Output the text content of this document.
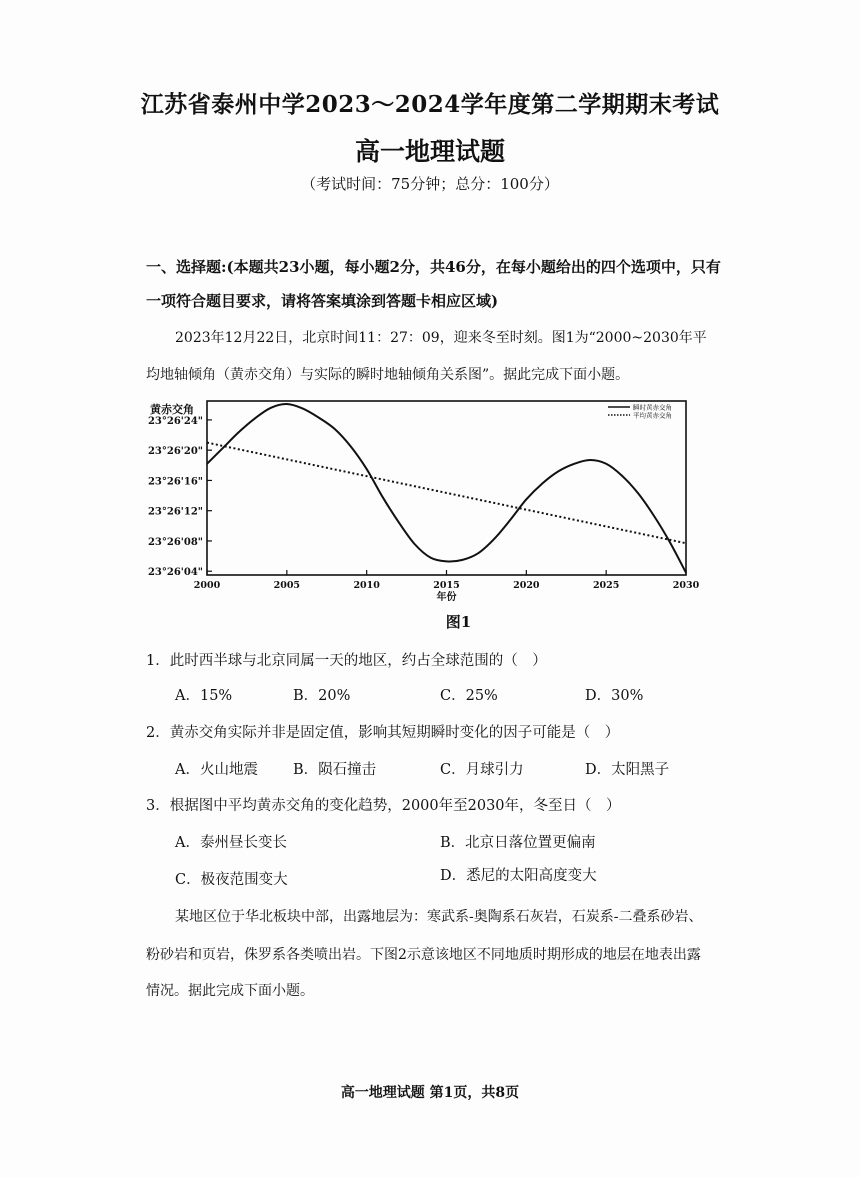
江苏省泰州中学2023～2024学年度第二学期期末考试
高一地理试题
（考试时间：75分钟；总分：100分）
一、选择题:(本题共23小题，每小题2分，共46分，在每小题给出的四个选项中，只有
一项符合题目要求，请将答案填涂到答题卡相应区域)
2023年12月22日，北京时间11：27：09，迎来冬至时刻。图1为“2000~2030年平
均地轴倾角（黄赤交角）与实际的瞬时地轴倾角关系图”。据此完成下面小题。
黄赤交角
23°26'24"
23°26'20"
23°26'16"
23°26'12"
23°26'08"
23°26'04"
2000	2005	2010	2015	2020	2025	2030
年份
瞬时黄赤交角
平均黄赤交角
图1
1．此时西半球与北京同属一天的地区，约占全球范围的（　）
A．15%	B．20%	C．25%	D．30%
2．黄赤交角实际并非是固定值，影响其短期瞬时变化的因子可能是（　）
A．火山地震 B．陨石撞击	C．月球引力	D．太阳黑子
3．根据图中平均黄赤交角的变化趋势，2000年至2030年，冬至日（　）
A．泰州昼长变长	B．北京日落位置更偏南
C．极夜范围变大	D．悉尼的太阳高度变大
某地区位于华北板块中部，出露地层为：寒武系-奥陶系石灰岩，石炭系-二叠系砂岩、
粉砂岩和页岩，侏罗系各类喷出岩。下图2示意该地区不同地质时期形成的地层在地表出露
情况。据此完成下面小题。
高一地理试题 第1页，共8页
